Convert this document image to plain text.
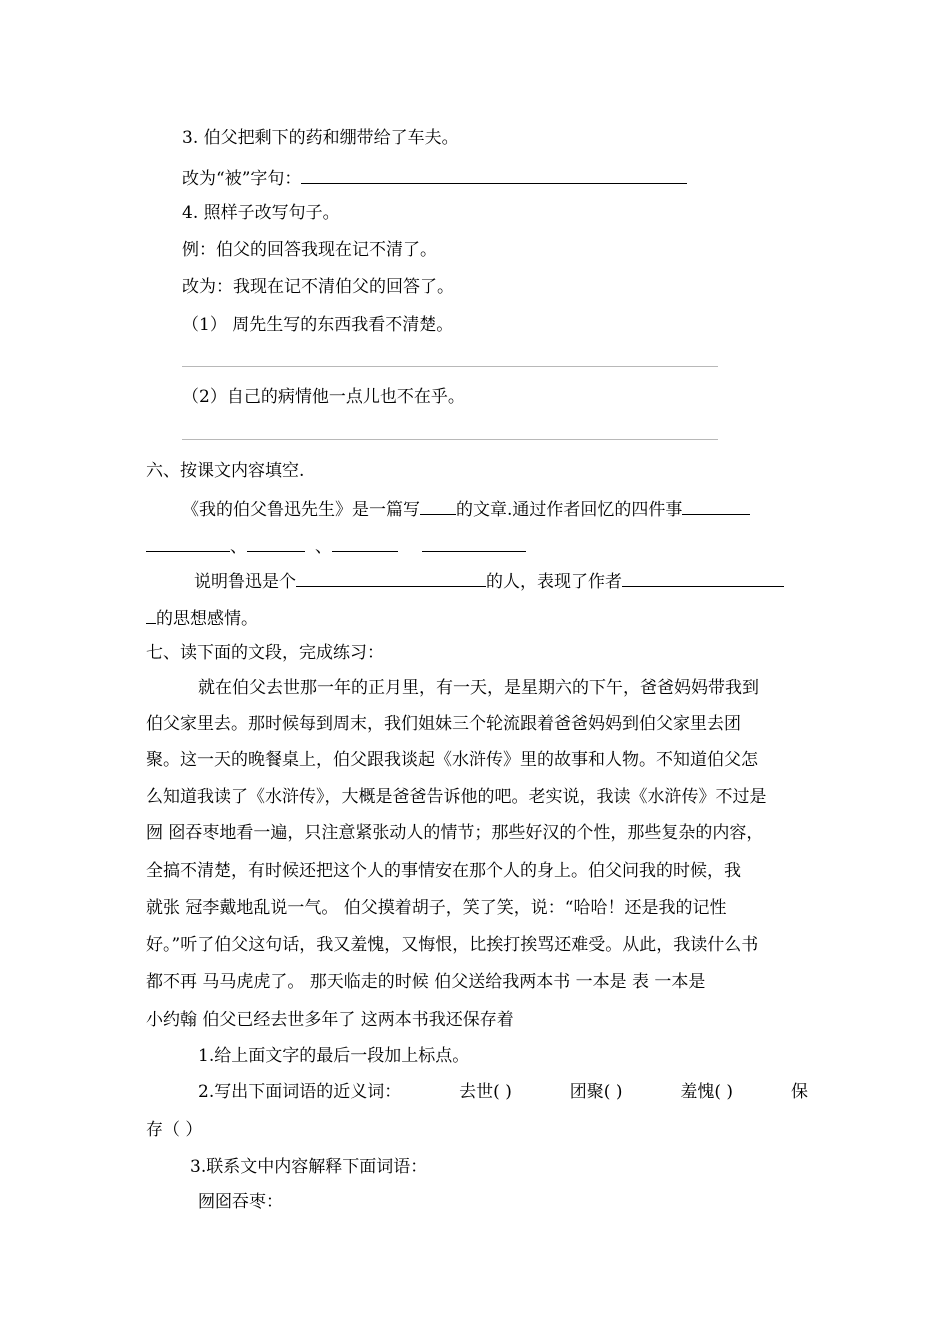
3. 伯父把剩下的药和绷带给了车夫。
改为“被”字句：
4. 照样子改写句子。
例：伯父的回答我现在记不清了。
改为：我现在记不清伯父的回答了。
（1） 周先生写的东西我看不清楚。
（2）自己的病情他一点儿也不在乎。
六、按课文内容填空.
《我的伯父鲁迅先生》是一篇写 的文章.通过作者回忆的四件事
、	、
说明鲁迅是个	的人，表现了作者
的思想感情。
七、读下面的文段，完成练习：
就在伯父去世那一年的正月里，有一天，是星期六的下午，爸爸妈妈带我到
伯父家里去。那时候每到周末，我们姐妹三个轮流跟着爸爸妈妈到伯父家里去团
聚。这一天的晚餐桌上，伯父跟我谈起《水浒传》里的故事和人物。不知道伯父怎
么知道我读了《水浒传》，大概是爸爸告诉他的吧。老实说，我读《水浒传》不过是
囫 囵吞枣地看一遍，只注意紧张动人的情节；那些好汉的个性，那些复杂的内容，
全搞不清楚，有时候还把这个人的事情安在那个人的身上。伯父问我的时候，我
就张 冠李戴地乱说一气。 伯父摸着胡子，笑了笑，说：“哈哈！还是我的记性
好。”听了伯父这句话，我又羞愧，又悔恨，比挨打挨骂还难受。从此，我读什么书
都不再 马马虎虎了。 那天临走的时候 伯父送给我两本书 一本是 表 一本是
小约翰 伯父已经去世多年了 这两本书我还保存着
1.给上面文字的最后一段加上标点。
2.写出下面词语的近义词：	去世( )	团聚( )	羞愧( )	保
存（ ）
3.联系文中内容解释下面词语：
囫囵吞枣：
